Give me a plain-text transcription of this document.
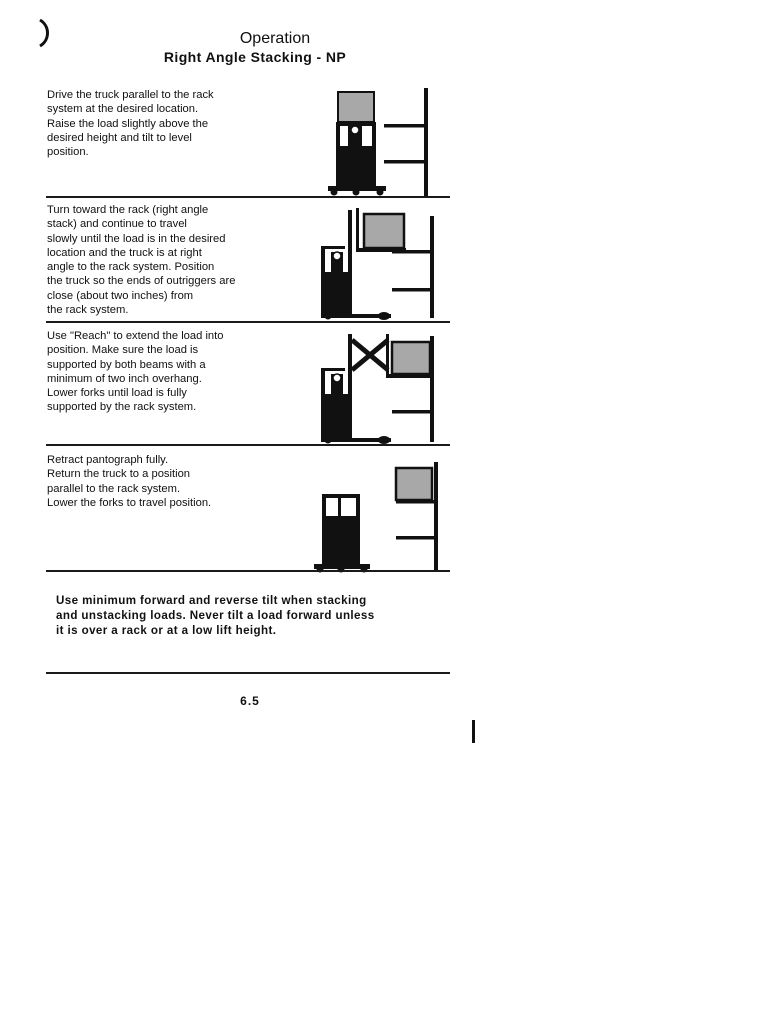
Operation
Right Angle Stacking - NP
Drive the truck parallel to the rack
system at the desired location.
Raise the load slightly above the
desired height and tilt to level
position.
Turn toward the rack (right angle
stack) and continue to travel
slowly until the load is in the desired
location and the truck is at right
angle to the rack system. Position
the truck so the ends of outriggers are
close (about two inches) from
the rack system.
Use "Reach" to extend the load into
position. Make sure the load is
supported by both beams with a
minimum of two inch overhang.
Lower forks until load is fully
supported by the rack system.
Retract pantograph fully.
Return the truck to a position
parallel to the rack system.
Lower the forks to travel position.
Use minimum forward and reverse tilt when stacking
and unstacking loads. Never tilt a load forward unless
it is over a rack or at a low lift height.
6.5
